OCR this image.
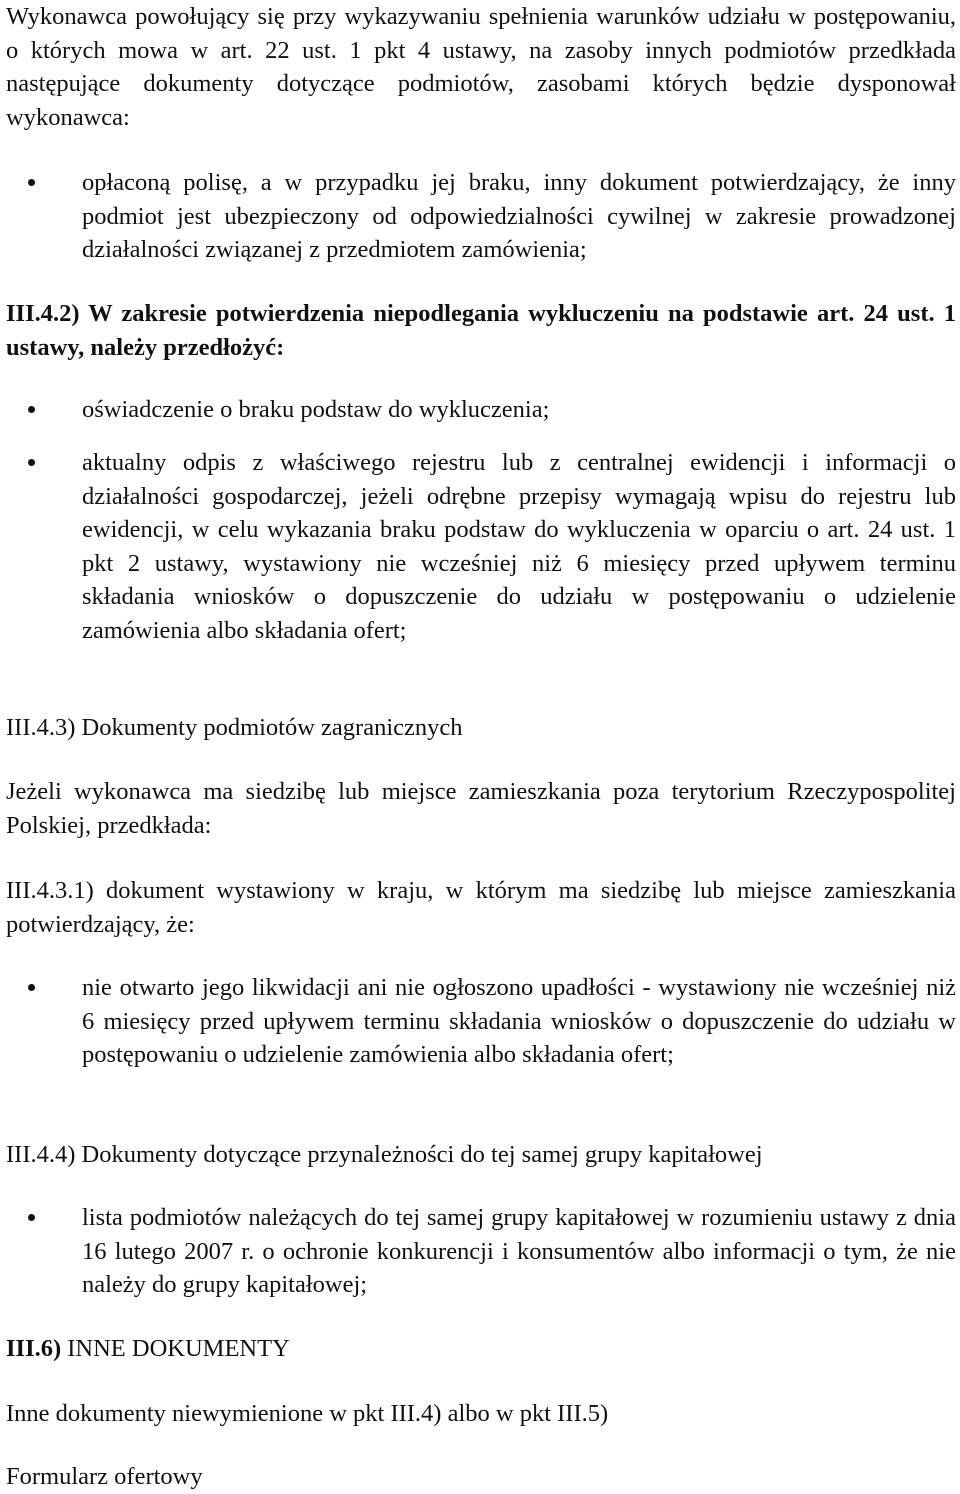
Wykonawca powołujący się przy wykazywaniu spełnienia warunków udziału w postępowaniu, o których mowa w art. 22 ust. 1 pkt 4 ustawy, na zasoby innych podmiotów przedkłada następujące dokumenty dotyczące podmiotów, zasobami których będzie dysponował wykonawca:

opłaconą polisę, a w przypadku jej braku, inny dokument potwierdzający, że inny podmiot jest ubezpieczony od odpowiedzialności cywilnej w zakresie prowadzonej działalności związanej z przedmiotem zamówienia;

III.4.2) W zakresie potwierdzenia niepodlegania wykluczeniu na podstawie art. 24 ust. 1 ustawy, należy przedłożyć:

oświadczenie o braku podstaw do wykluczenia;
aktualny odpis z właściwego rejestru lub z centralnej ewidencji i informacji o działalności gospodarczej, jeżeli odrębne przepisy wymagają wpisu do rejestru lub ewidencji, w celu wykazania braku podstaw do wykluczenia w oparciu o art. 24 ust. 1 pkt 2 ustawy, wystawiony nie wcześniej niż 6 miesięcy przed upływem terminu składania wniosków o dopuszczenie do udziału w postępowaniu o udzielenie zamówienia albo składania ofert;

III.4.3) Dokumenty podmiotów zagranicznych

Jeżeli wykonawca ma siedzibę lub miejsce zamieszkania poza terytorium Rzeczypospolitej Polskiej, przedkłada:

III.4.3.1) dokument wystawiony w kraju, w którym ma siedzibę lub miejsce zamieszkania potwierdzający, że:

nie otwarto jego likwidacji ani nie ogłoszono upadłości - wystawiony nie wcześniej niż 6 miesięcy przed upływem terminu składania wniosków o dopuszczenie do udziału w postępowaniu o udzielenie zamówienia albo składania ofert;

III.4.4) Dokumenty dotyczące przynależności do tej samej grupy kapitałowej

lista podmiotów należących do tej samej grupy kapitałowej w rozumieniu ustawy z dnia 16 lutego 2007 r. o ochronie konkurencji i konsumentów albo informacji o tym, że nie należy do grupy kapitałowej;

III.6) INNE DOKUMENTY

Inne dokumenty niewymienione w pkt III.4) albo w pkt III.5)

Formularz ofertowy
